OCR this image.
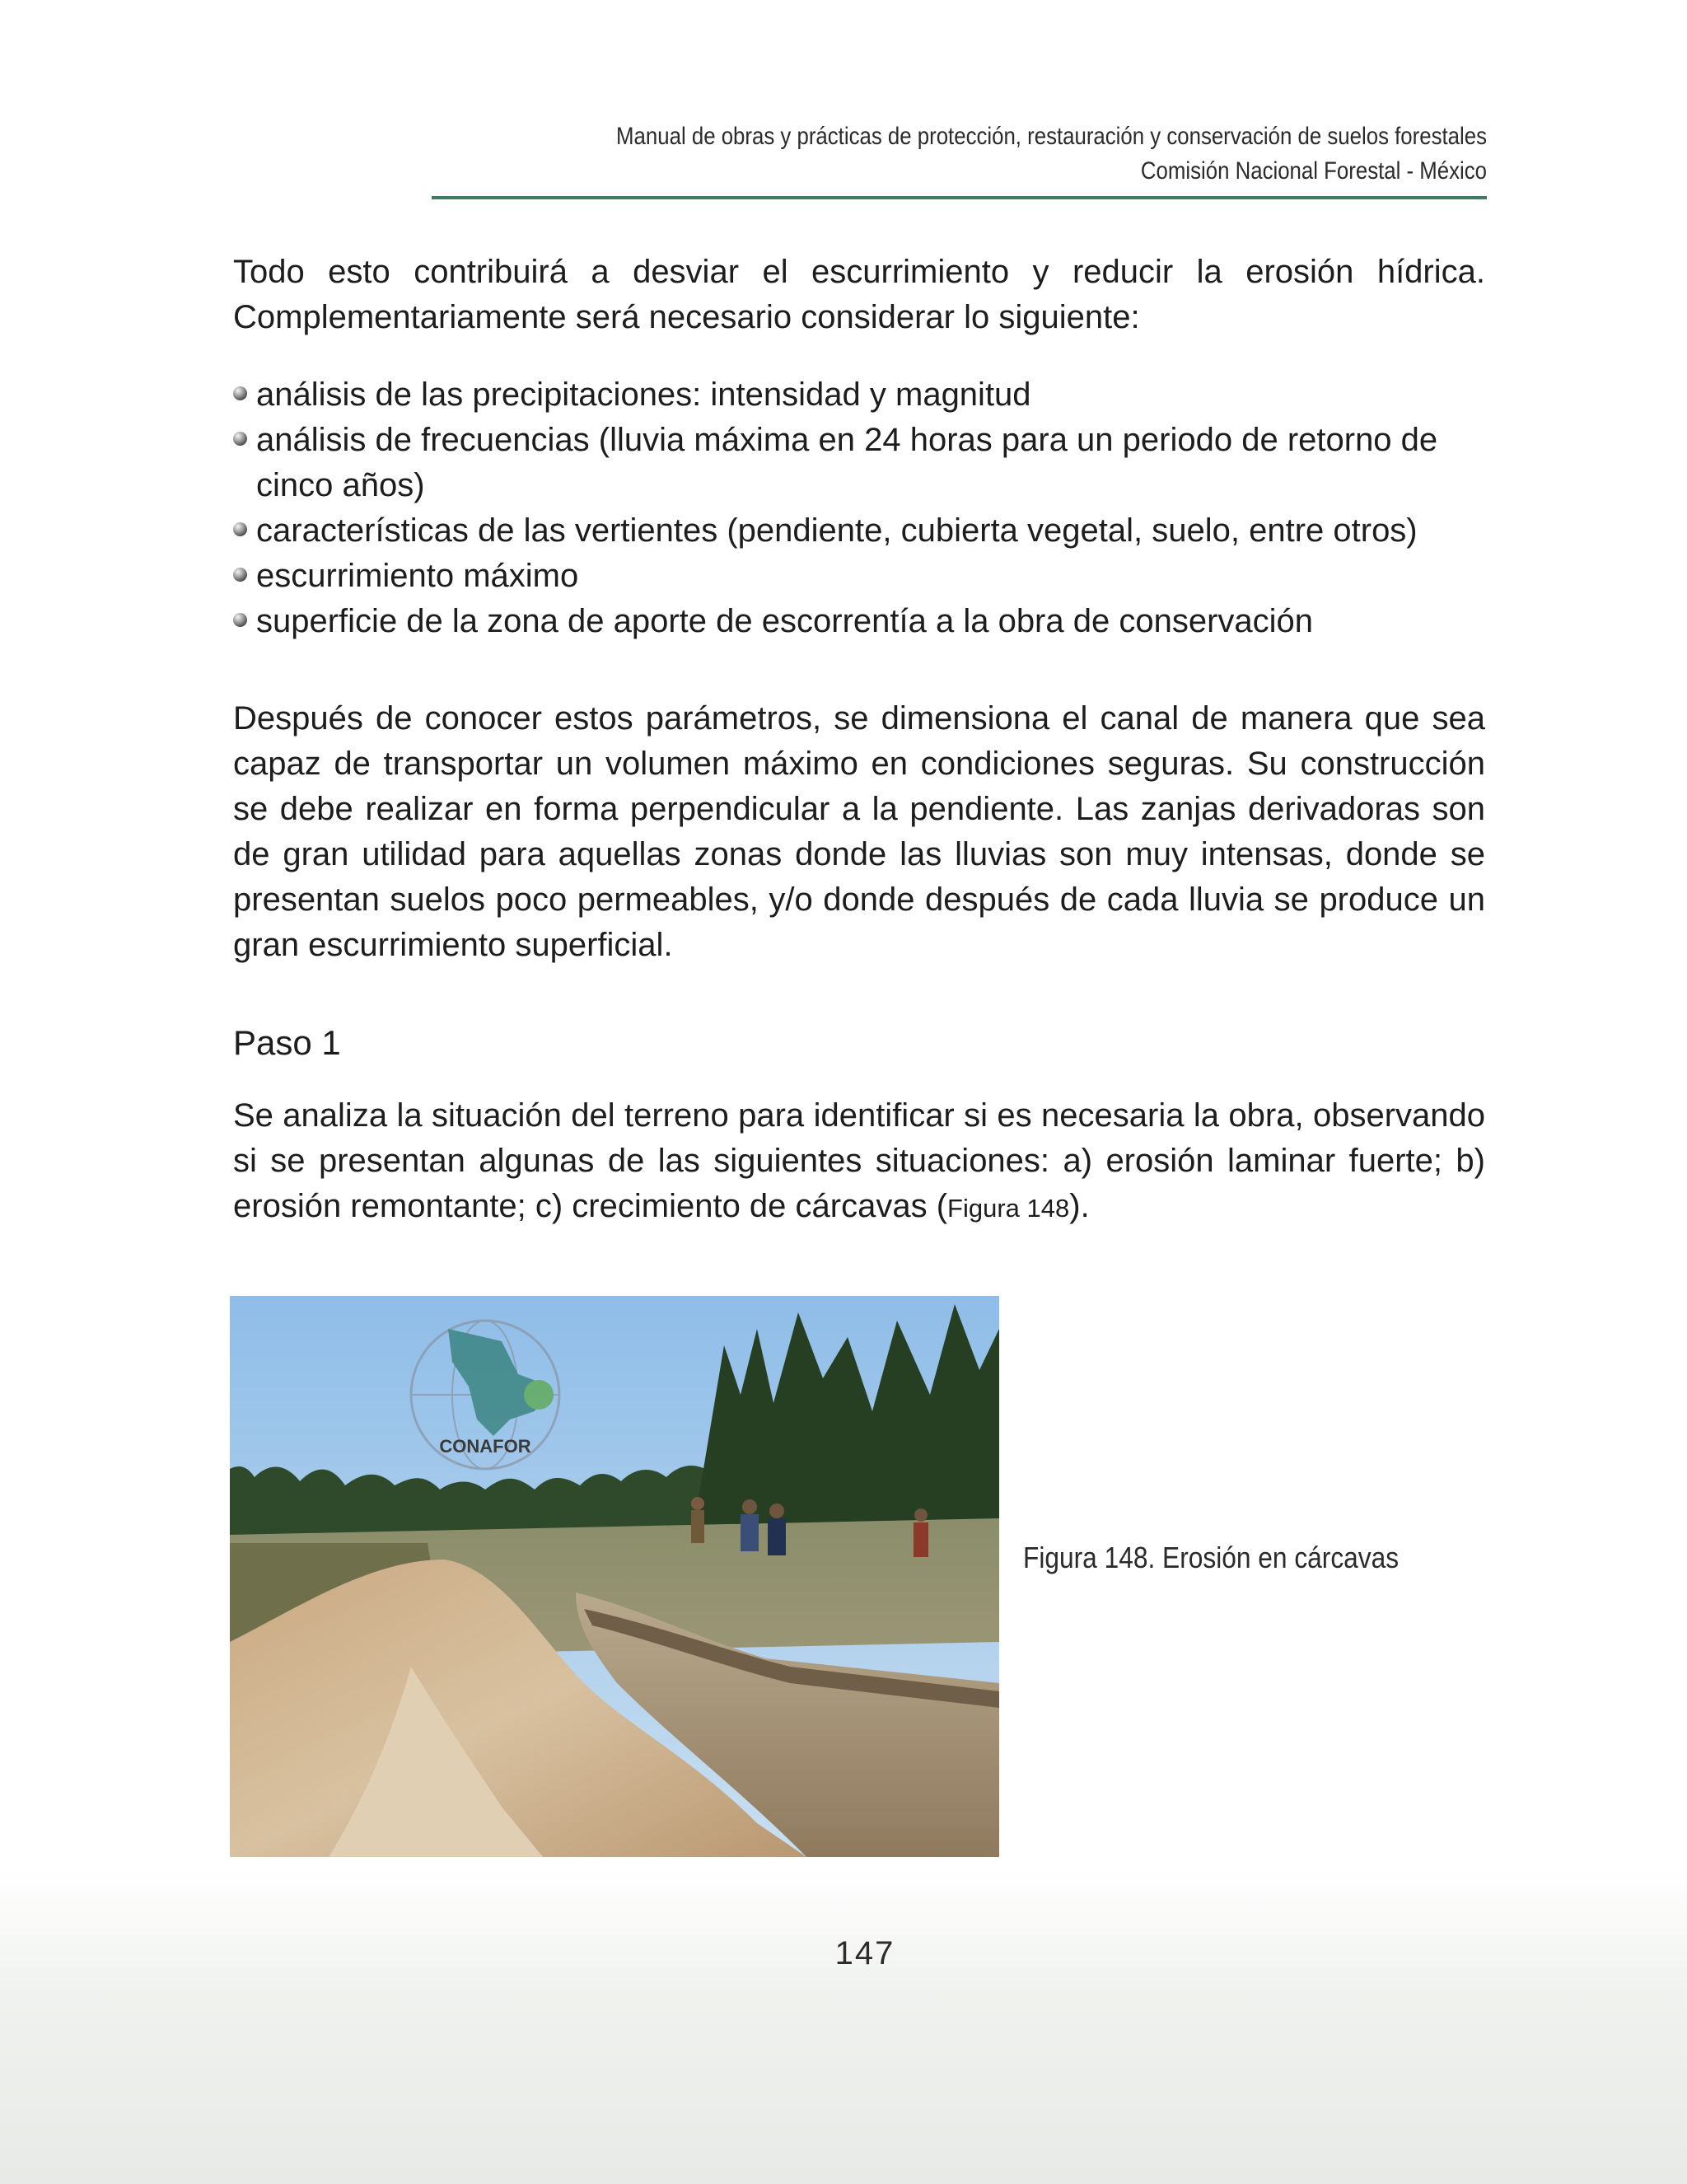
Manual de obras y prácticas de protección, restauración y conservación de suelos forestales
Comisión Nacional Forestal - México
Todo esto contribuirá a desviar el escurrimiento y reducir la erosión hídrica. Complementariamente será necesario considerar lo siguiente:
análisis de las precipitaciones: intensidad y magnitud
análisis de frecuencias (lluvia máxima en 24 horas para un periodo de retorno de cinco años)
características de las vertientes (pendiente, cubierta vegetal, suelo, entre otros)
escurrimiento máximo
superficie de la zona de aporte de escorrentía a la obra de conservación
Después de conocer estos parámetros, se dimensiona el canal de manera que sea capaz de transportar un volumen máximo en condiciones seguras. Su construcción se debe realizar en forma perpendicular a la pendiente. Las zanjas derivadoras son de gran utilidad para aquellas zonas donde las lluvias son muy intensas, donde se presentan suelos poco permeables, y/o donde después de cada lluvia se produce un gran escurrimiento superficial.
Paso 1
Se analiza la situación del terreno para identificar si es necesaria la obra, observando si se presentan algunas de las siguientes situaciones: a) erosión laminar fuerte; b) erosión remontante; c) crecimiento de cárcavas (Figura 148).
CONAFOR
Figura 148. Erosión en cárcavas
147
